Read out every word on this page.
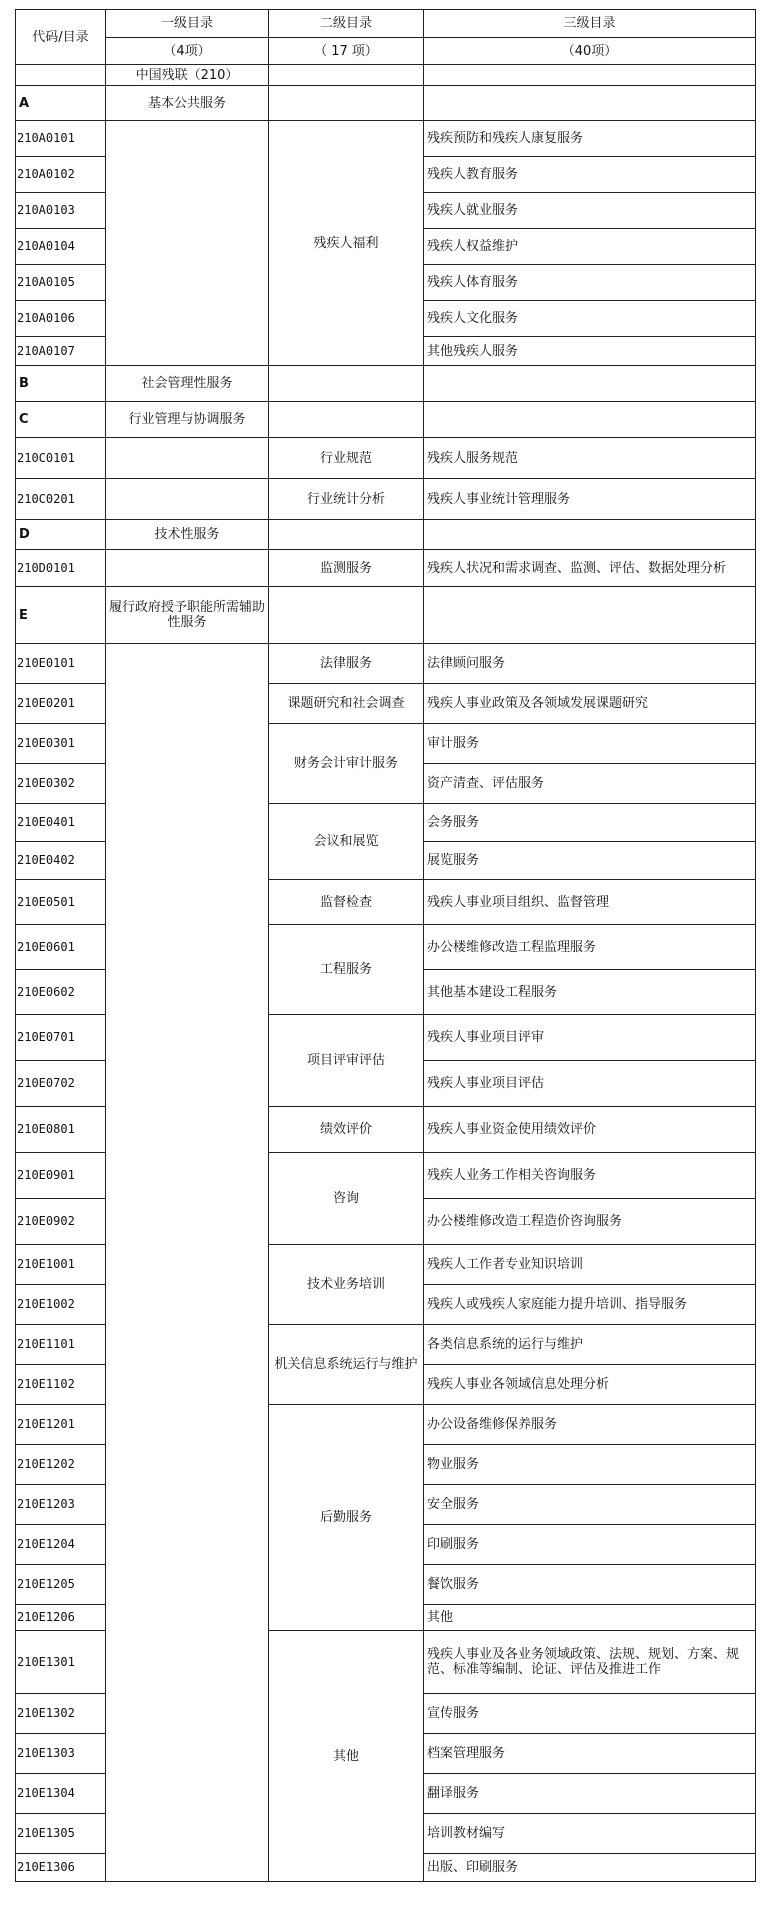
代码/目录	一级目录	二级目录	三级目录
	（4项）	（ 17 项）	（40项）
	中国残联（210）		
A	基本公共服务		
210A0101		残疾人福利	残疾预防和残疾人康复服务
210A0102			残疾人教育服务
210A0103			残疾人就业服务
210A0104			残疾人权益维护
210A0105			残疾人体育服务
210A0106			残疾人文化服务
210A0107			其他残疾人服务
B	社会管理性服务		
C	行业管理与协调服务		
210C0101		行业规范	残疾人服务规范
210C0201		行业统计分析	残疾人事业统计管理服务
D	技术性服务		
210D0101		监测服务	残疾人状况和需求调查、监测、评估、数据处理分析
E	履行政府授予职能所需辅助性服务		
210E0101		法律服务	法律顾问服务
210E0201		课题研究和社会调查	残疾人事业政策及各领域发展课题研究
210E0301		财务会计审计服务	审计服务
210E0302			资产清查、评估服务
210E0401		会议和展览	会务服务
210E0402			展览服务
210E0501		监督检查	残疾人事业项目组织、监督管理
210E0601		工程服务	办公楼维修改造工程监理服务
210E0602			其他基本建设工程服务
210E0701		项目评审评估	残疾人事业项目评审
210E0702			残疾人事业项目评估
210E0801		绩效评价	残疾人事业资金使用绩效评价
210E0901		咨询	残疾人业务工作相关咨询服务
210E0902			办公楼维修改造工程造价咨询服务
210E1001		技术业务培训	残疾人工作者专业知识培训
210E1002			残疾人或残疾人家庭能力提升培训、指导服务
210E1101		机关信息系统运行与维护	各类信息系统的运行与维护
210E1102			残疾人事业各领域信息处理分析
210E1201		后勤服务	办公设备维修保养服务
210E1202			物业服务
210E1203			安全服务
210E1204			印刷服务
210E1205			餐饮服务
210E1206			其他
210E1301		其他	残疾人事业及各业务领域政策、法规、规划、方案、规范、标准等编制、论证、评估及推进工作
210E1302			宣传服务
210E1303			档案管理服务
210E1304			翻译服务
210E1305			培训教材编写
210E1306			出版、印刷服务
